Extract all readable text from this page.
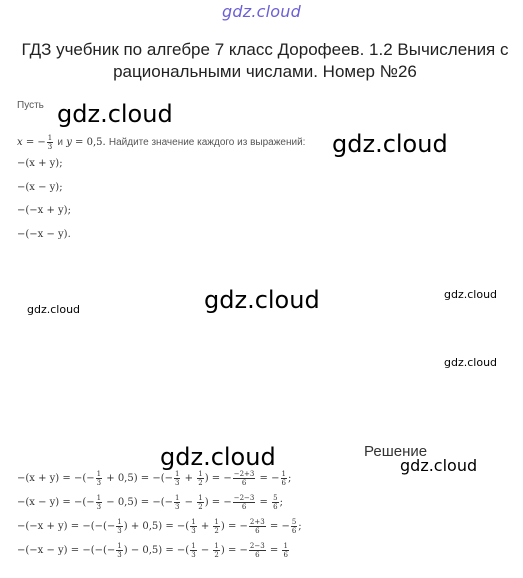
gdz.cloud
ГДЗ учебник по алгебре 7 класс Дорофеев. 1.2 Вычисления с рациональными числами. Номер №26
gdz.cloud
gdz.cloud
gdz.cloud
gdz.cloud
gdz.cloud
gdz.cloud
gdz.cloud	gdz.cloud
Пусть
x = − $\frac{1}{3}$ и y = 0,5. Найдите значение каждого из выражений:
−(x + y);
−(x − y);
−(−x + y);
−(−x − y).
Решение
−(x + y) = −(− $\frac{1}{3} + 0,5$) = −(− $\frac{1}{3} + \frac{1}{2}$ ) = − $\frac{-2+3}{6}$ = − $\frac{1}{6}$ ;
−(x − y) = −(− $\frac{1}{3} - 0,5$) = −(− $\frac{1}{3} - \frac{1}{2}$ ) = − $\frac{-2-3}{6} = \frac{5}{6}$ ;
−(−x + y) = −(−(− $\frac{1}{3}$ ) + 0,5) = −( $\frac{1}{3} + \frac{1}{2}$ ) = − $\frac{2+3}{6}$ = − $\frac{5}{6}$ ;
−(−x − y) = −(−(− $\frac{1}{3}$ ) − 0,5) = −( $\frac{1}{3} - \frac{1}{2}$ ) = − $\frac{2-3}{6} = \frac{1}{6}$
